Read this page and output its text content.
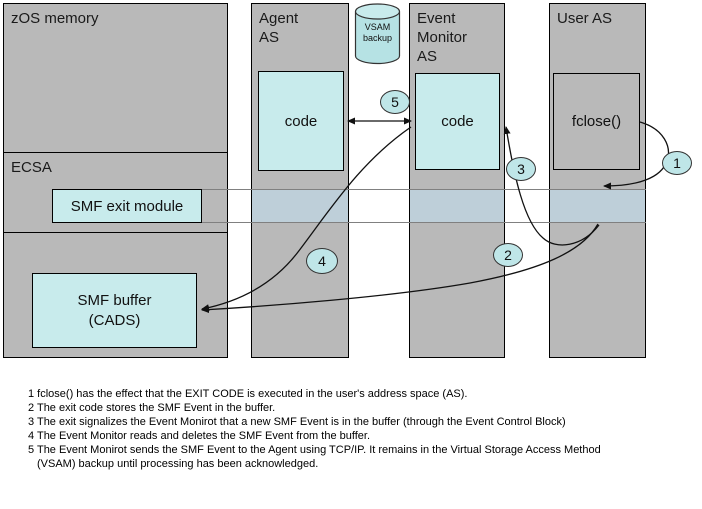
zOS memory
ECSA
SMF exit module
SMF buffer
(CADS)
Agent
AS
code
VSAM
backup
Event
Monitor
AS
code
User AS
fclose()
1
2
3
4
5
1 fclose() has the effect that the EXIT CODE is executed in the user's address space (AS).
2 The exit code stores the SMF Event in the buffer.
3 The exit signalizes the Event Monirot that a new SMF Event is in the buffer (through the Event Control Block)
4 The Event Monitor reads and deletes the SMF Event from the buffer.
5 The Event Monirot sends the SMF Event to the Agent using TCP/IP. It remains in the Virtual Storage Access Method
(VSAM) backup until processing has been acknowledged.
